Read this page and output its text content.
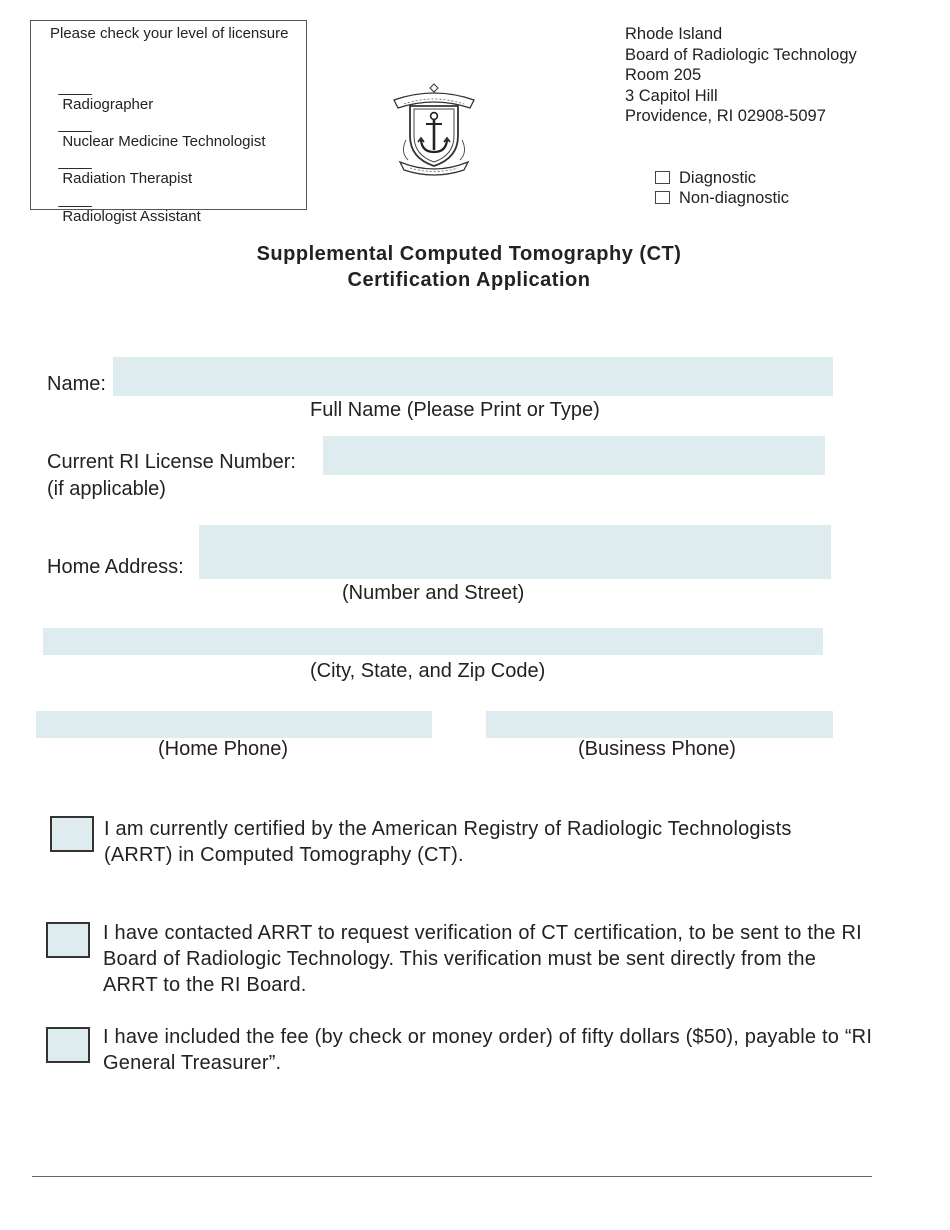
Please check your level of licensure

____
Radiographer

____
Nuclear Medicine Technologist

____
Radiation Therapist

____
Radiologist Assistant

Rhode Island
Board of Radiologic Technology
Room 205
3 Capitol Hill
Providence, RI 02908-5097
Diagnostic
Non-diagnostic
Supplemental Computed Tomography (CT)
Certification Application
Name:
Full Name (Please Print or Type)
Current RI License Number:
(if applicable)
Home Address:
(Number and Street)
(City, State, and Zip Code)
(Home Phone)	(Business Phone)
I am currently certified by the American Registry of Radiologic Technologists (ARRT) in Computed Tomography (CT).
I have contacted ARRT to request verification of CT certification, to be sent to the RI Board of Radiologic Technology. This verification must be sent directly from the ARRT to the RI Board.
I have included the fee (by check or money order) of fifty dollars ($50), payable to “RI General Treasurer”.
